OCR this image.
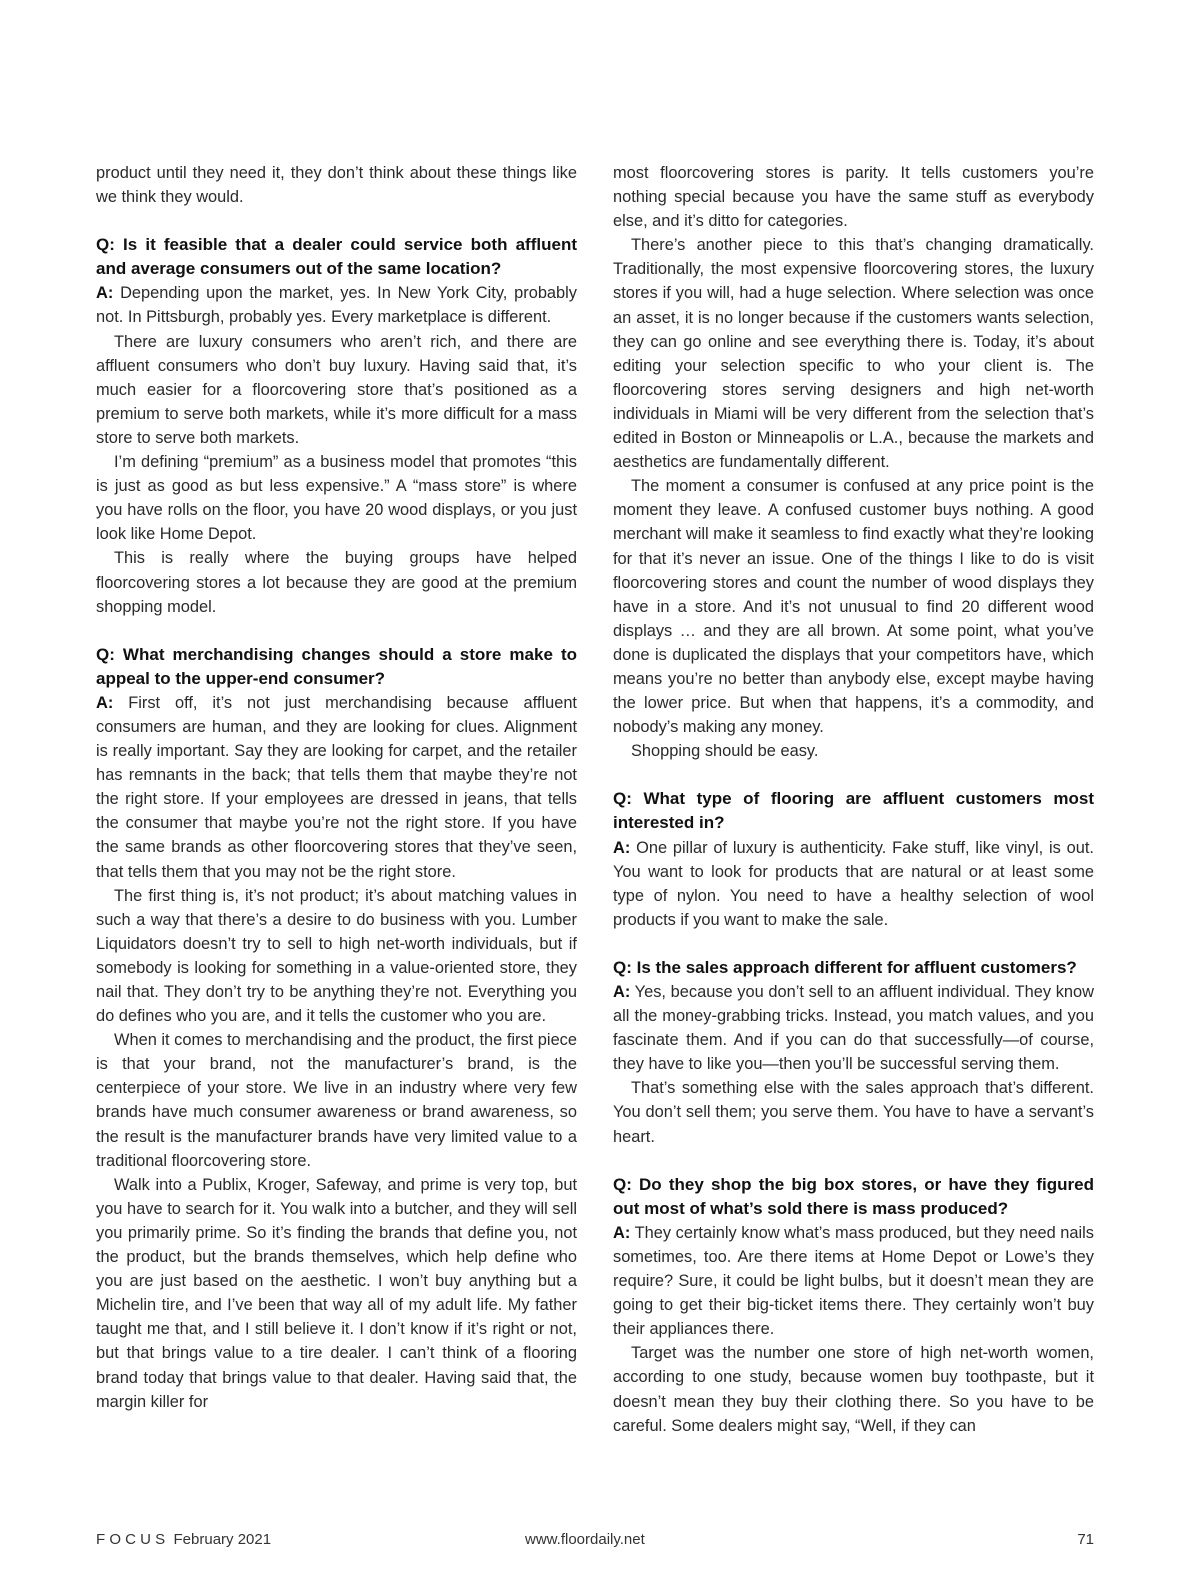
product until they need it, they don’t think about these things like we think they would.

Q: Is it feasible that a dealer could service both affluent and average consumers out of the same location?

A: Depending upon the market, yes. In New York City, probably not. In Pittsburgh, probably yes. Every marketplace is different.

There are luxury consumers who aren’t rich, and there are affluent consumers who don’t buy luxury. Having said that, it’s much easier for a floorcovering store that’s positioned as a premium to serve both markets, while it’s more difficult for a mass store to serve both markets.

I’m defining “premium” as a business model that promotes “this is just as good as but less expensive.” A “mass store” is where you have rolls on the floor, you have 20 wood displays, or you just look like Home Depot.

This is really where the buying groups have helped floorcovering stores a lot because they are good at the premium shopping model.

Q: What merchandising changes should a store make to appeal to the upper-end consumer?

A: First off, it’s not just merchandising because affluent consumers are human, and they are looking for clues. Alignment is really important. Say they are looking for carpet, and the retailer has remnants in the back; that tells them that maybe they’re not the right store. If your employees are dressed in jeans, that tells the consumer that maybe you’re not the right store. If you have the same brands as other floorcovering stores that they’ve seen, that tells them that you may not be the right store.

The first thing is, it’s not product; it’s about matching values in such a way that there’s a desire to do business with you. Lumber Liquidators doesn’t try to sell to high net-worth individuals, but if somebody is looking for something in a value-oriented store, they nail that. They don’t try to be anything they’re not. Everything you do defines who you are, and it tells the customer who you are.

When it comes to merchandising and the product, the first piece is that your brand, not the manufacturer’s brand, is the centerpiece of your store. We live in an industry where very few brands have much consumer awareness or brand awareness, so the result is the manufacturer brands have very limited value to a traditional floorcovering store.

Walk into a Publix, Kroger, Safeway, and prime is very top, but you have to search for it. You walk into a butcher, and they will sell you primarily prime. So it’s finding the brands that define you, not the product, but the brands themselves, which help define who you are just based on the aesthetic. I won’t buy anything but a Michelin tire, and I’ve been that way all of my adult life. My father taught me that, and I still believe it. I don’t know if it’s right or not, but that brings value to a tire dealer. I can’t think of a flooring brand today that brings value to that dealer. Having said that, the margin killer for

most floorcovering stores is parity. It tells customers you’re nothing special because you have the same stuff as everybody else, and it’s ditto for categories.

There’s another piece to this that’s changing dramatically. Traditionally, the most expensive floorcovering stores, the luxury stores if you will, had a huge selection. Where selection was once an asset, it is no longer because if the customers wants selection, they can go online and see everything there is. Today, it’s about editing your selection specific to who your client is. The floorcovering stores serving designers and high net-worth individuals in Miami will be very different from the selection that’s edited in Boston or Minneapolis or L.A., because the markets and aesthetics are fundamentally different.

The moment a consumer is confused at any price point is the moment they leave. A confused customer buys nothing. A good merchant will make it seamless to find exactly what they’re looking for that it’s never an issue. One of the things I like to do is visit floorcovering stores and count the number of wood displays they have in a store. And it’s not unusual to find 20 different wood displays … and they are all brown. At some point, what you’ve done is duplicated the displays that your competitors have, which means you’re no better than anybody else, except maybe having the lower price. But when that happens, it’s a commodity, and nobody’s making any money.

Shopping should be easy.

Q: What type of flooring are affluent customers most interested in?

A: One pillar of luxury is authenticity. Fake stuff, like vinyl, is out. You want to look for products that are natural or at least some type of nylon. You need to have a healthy selection of wool products if you want to make the sale.

Q: Is the sales approach different for affluent customers?

A: Yes, because you don’t sell to an affluent individual. They know all the money-grabbing tricks. Instead, you match values, and you fascinate them. And if you can do that successfully—of course, they have to like you—then you’ll be successful serving them.

That’s something else with the sales approach that’s different. You don’t sell them; you serve them. You have to have a servant’s heart.

Q: Do they shop the big box stores, or have they figured out most of what’s sold there is mass produced?

A: They certainly know what’s mass produced, but they need nails sometimes, too. Are there items at Home Depot or Lowe’s they require? Sure, it could be light bulbs, but it doesn’t mean they are going to get their big-ticket items there. They certainly won’t buy their appliances there.

Target was the number one store of high net-worth women, according to one study, because women buy toothpaste, but it doesn’t mean they buy their clothing there. So you have to be careful. Some dealers might say, “Well, if they can

F O C U S  February 2021	www.floordaily.net	71
